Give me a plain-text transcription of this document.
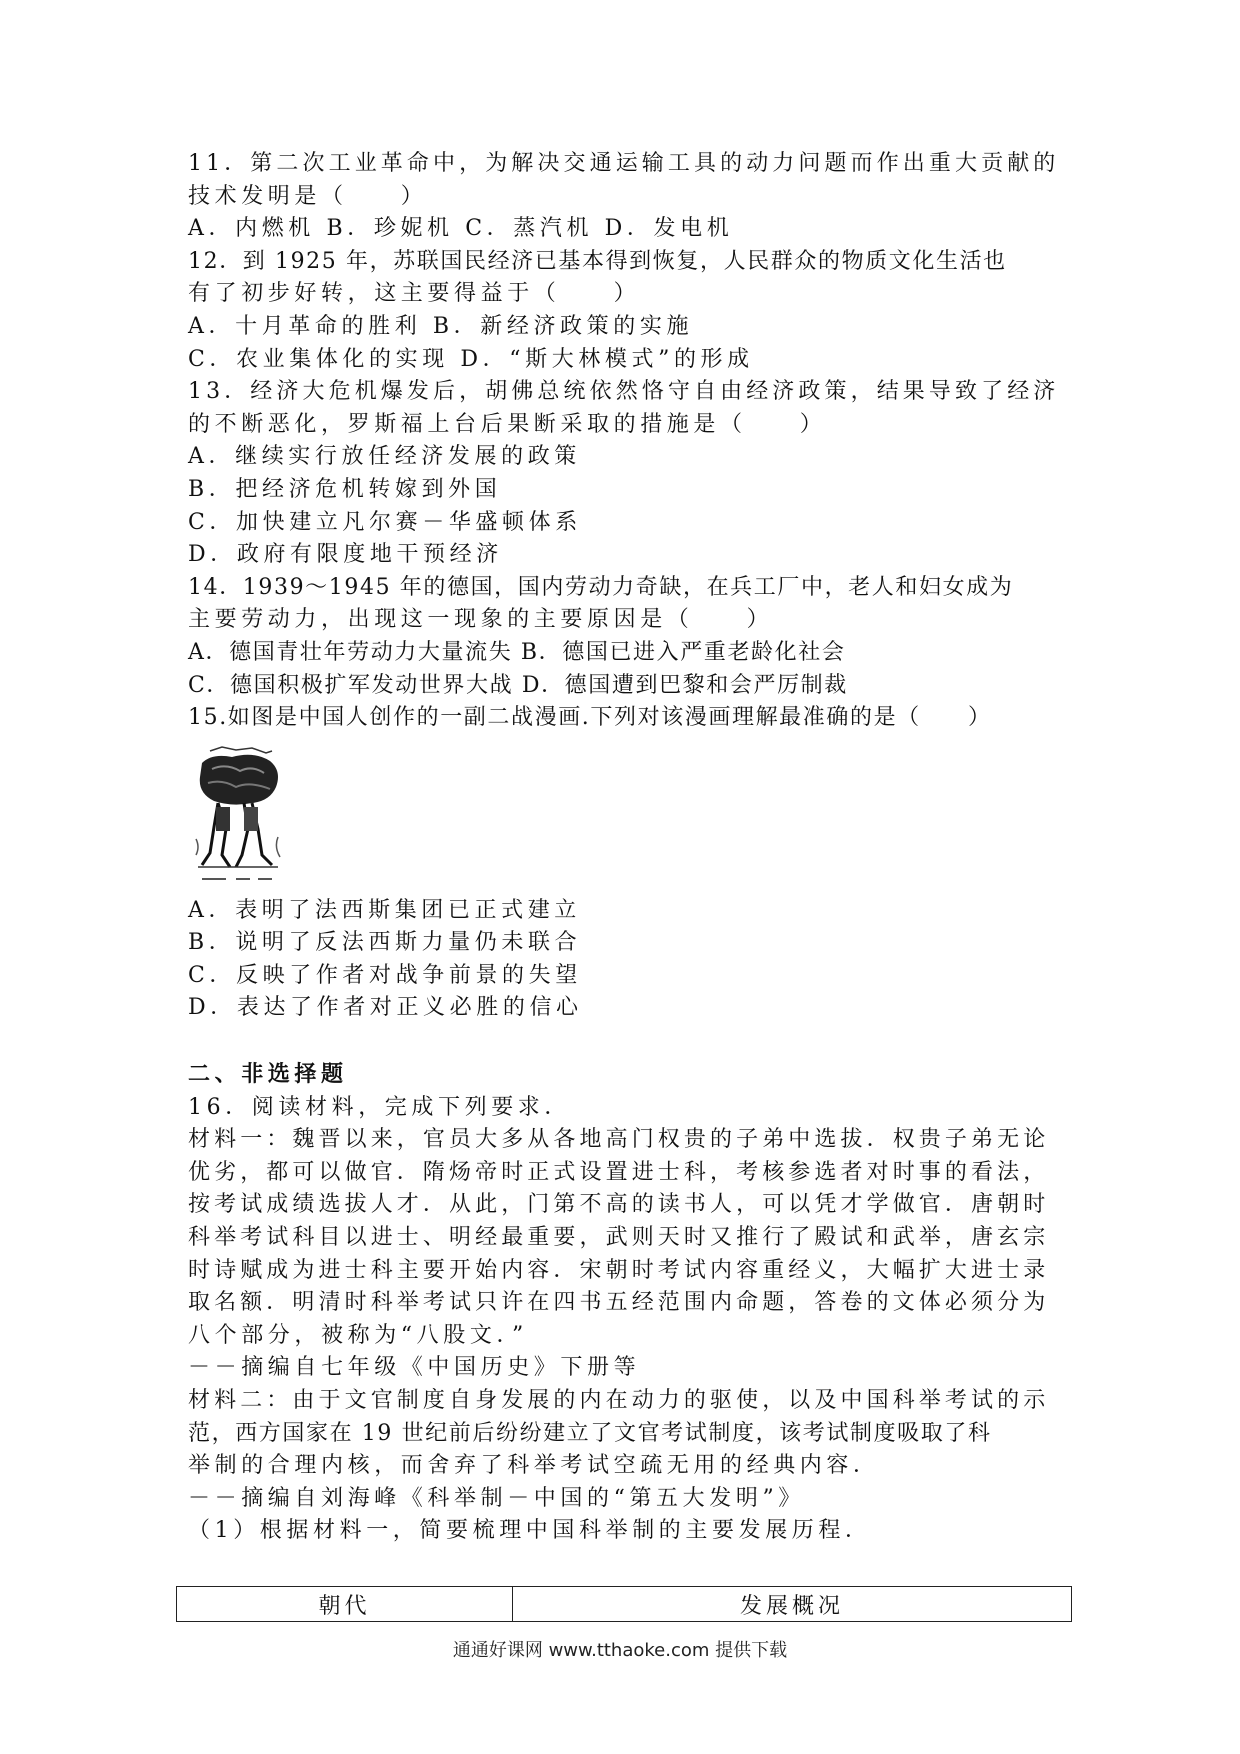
11．第二次工业革命中，为解决交通运输工具的动力问题而作出重大贡献的
技术发明是（　　）
A．内燃机 B．珍妮机 C．蒸汽机 D．发电机
12．到 1925 年，苏联国民经济已基本得到恢复，人民群众的物质文化生活也
有了初步好转，这主要得益于（　　）
A．十月革命的胜利 B．新经济政策的实施
C．农业集体化的实现 D．“斯大林模式”的形成
13．经济大危机爆发后，胡佛总统依然恪守自由经济政策，结果导致了经济
的不断恶化，罗斯福上台后果断采取的措施是（　　）
A．继续实行放任经济发展的政策
B．把经济危机转嫁到外国
C．加快建立凡尔赛－华盛顿体系
D．政府有限度地干预经济
14．1939～1945 年的德国，国内劳动力奇缺，在兵工厂中，老人和妇女成为
主要劳动力，出现这一现象的主要原因是（　　）
A．德国青壮年劳动力大量流失 B．德国已进入严重老龄化社会
C．德国积极扩军发动世界大战 D．德国遭到巴黎和会严厉制裁
15.如图是中国人创作的一副二战漫画.下列对该漫画理解最准确的是（　　）
A．表明了法西斯集团已正式建立
B．说明了反法西斯力量仍未联合
C．反映了作者对战争前景的失望
D．表达了作者对正义必胜的信心
二、非选择题
16．阅读材料，完成下列要求．
材料一：魏晋以来，官员大多从各地高门权贵的子弟中选拔．权贵子弟无论
优劣，都可以做官．隋炀帝时正式设置进士科，考核参选者对时事的看法，
按考试成绩选拔人才．从此，门第不高的读书人，可以凭才学做官．唐朝时
科举考试科目以进士、明经最重要，武则天时又推行了殿试和武举，唐玄宗
时诗赋成为进士科主要开始内容．宋朝时考试内容重经义，大幅扩大进士录
取名额．明清时科举考试只许在四书五经范围内命题，答卷的文体必须分为
八个部分，被称为“八股文．”
－－摘编自七年级《中国历史》下册等
材料二：由于文官制度自身发展的内在动力的驱使，以及中国科举考试的示
范，西方国家在 19 世纪前后纷纷建立了文官考试制度，该考试制度吸取了科
举制的合理内核，而舍弃了科举考试空疏无用的经典内容．
－－摘编自刘海峰《科举制－中国的“第五大发明”》
（1）根据材料一，简要梳理中国科举制的主要发展历程．
朝代	发展概况
通通好课网 www.tthaoke.com 提供下载
